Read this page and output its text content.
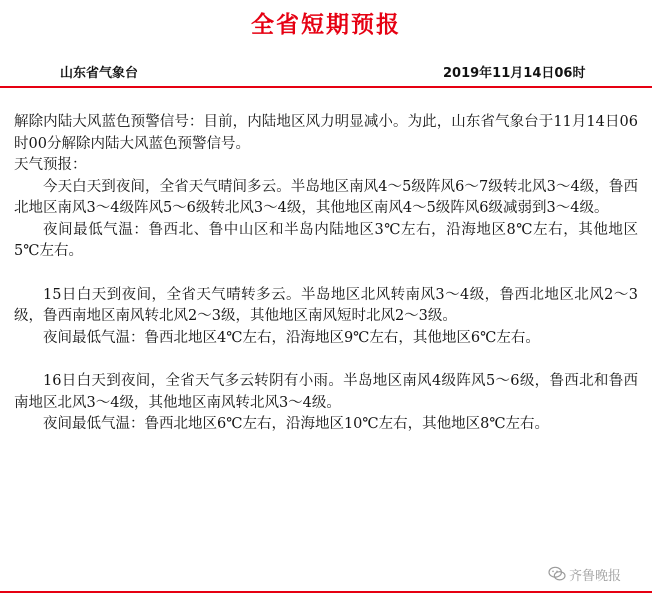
全省短期预报
山东省气象台	2019年11月14日06时

解除内陆大风蓝色预警信号：目前，内陆地区风力明显减小。为此，山东省气象台于11月14日06时00分解除内陆大风蓝色预警信号。

天气预报：

今天白天到夜间，全省天气晴间多云。半岛地区南风4～5级阵风6～7级转北风3～4级，鲁西北地区南风3～4级阵风5～6级转北风3～4级，其他地区南风4～5级阵风6级减弱到3～4级。

夜间最低气温：鲁西北、鲁中山区和半岛内陆地区3℃左右，沿海地区8℃左右，其他地区5℃左右。

15日白天到夜间，全省天气晴转多云。半岛地区北风转南风3～4级，鲁西北地区北风2～3级，鲁西南地区南风转北风2～3级，其他地区南风短时北风2～3级。

夜间最低气温：鲁西北地区4℃左右，沿海地区9℃左右，其他地区6℃左右。

16日白天到夜间，全省天气多云转阴有小雨。半岛地区南风4级阵风5～6级，鲁西北和鲁西南地区北风3～4级，其他地区南风转北风3～4级。

夜间最低气温：鲁西北地区6℃左右，沿海地区10℃左右，其他地区8℃左右。

齐鲁晚报
